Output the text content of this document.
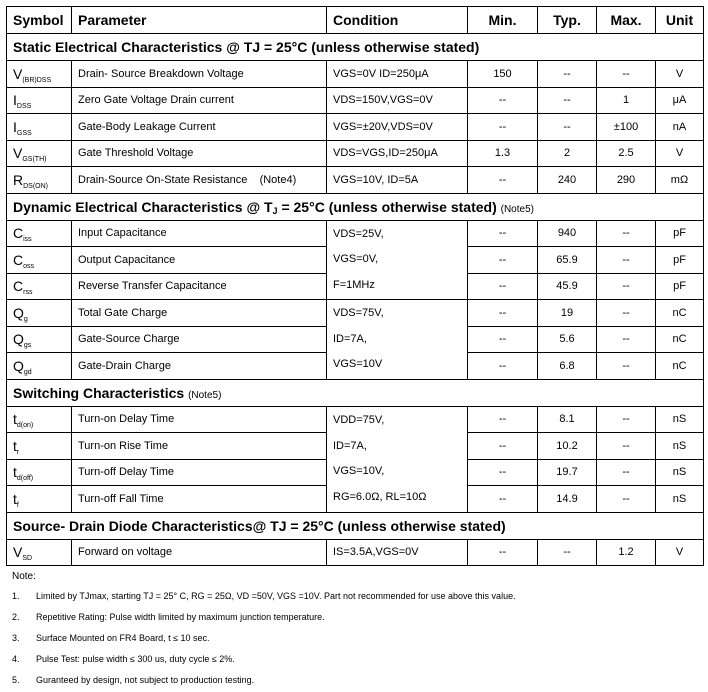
Symbol	Parameter	Condition	Min.	Typ.	Max.	Unit
Static Electrical Characteristics @ TJ = 25°C (unless otherwise stated)						
$V_{(BR)DSS}$	Drain- Source Breakdown Voltage	VGS=0V ID=250μA	150	--	--	V
$I_{DSS}$	Zero Gate Voltage Drain current	VDS=150V,VGS=0V	--	--	1	μA
$I_{GSS}$	Gate-Body Leakage Current	VGS=±20V,VDS=0V	--	--	±100	nA
$V_{GS(TH)}$	Gate Threshold Voltage	VDS=VGS,ID=250μA	1.3	2	2.5	V
$R_{DS(ON)}$	Drain-Source On-State Resistance    (Note4)	VGS=10V, ID=5A	--	240	290	mΩ
Dynamic Electrical Characteristics @ TJ = 25°C (unless otherwise stated) (Note5)						
$C_{iss}$	Input Capacitance	VDS=25V,
VGS=0V,
F=1MHz	--	940	--	pF
$C_{oss}$	Output Capacitance		--	65.9	--	pF
$C_{rss}$	Reverse Transfer Capacitance		--	45.9	--	pF
$Q_g$	Total Gate Charge	VDS=75V,
ID=7A,
VGS=10V	--	19	--	nC
$Q_{gs}$	Gate-Source Charge		--	5.6	--	nC
$Q_{gd}$	Gate-Drain Charge		--	6.8	--	nC
Switching Characteristics (Note5)						
$t_{d(on)}$	Turn-on Delay Time	VDD=75V,
ID=7A,
VGS=10V,
RG=6.0Ω, RL=10Ω	--	8.1	--	nS
$t_r$	Turn-on Rise Time		--	10.2	--	nS
$t_{d(off)}$	Turn-off Delay Time		--	19.7	--	nS
$t_f$	Turn-off Fall Time		--	14.9	--	nS
Source- Drain Diode Characteristics@ TJ = 25°C (unless otherwise stated)						
$V_{SD}$	Forward on voltage	IS=3.5A,VGS=0V	--	--	1.2	V
Note:
1. Limited by TJmax, starting TJ = 25° C, RG = 25Ω, VD =50V, VGS =10V. Part not recommended for use above this value.
2. Repetitive Rating: Pulse width limited by maximum junction temperature.
3. Surface Mounted on FR4 Board, t ≤ 10 sec.
4. Pulse Test: pulse width ≤ 300 us, duty cycle ≤ 2%.
5. Guranteed by design, not subject to production testing.
